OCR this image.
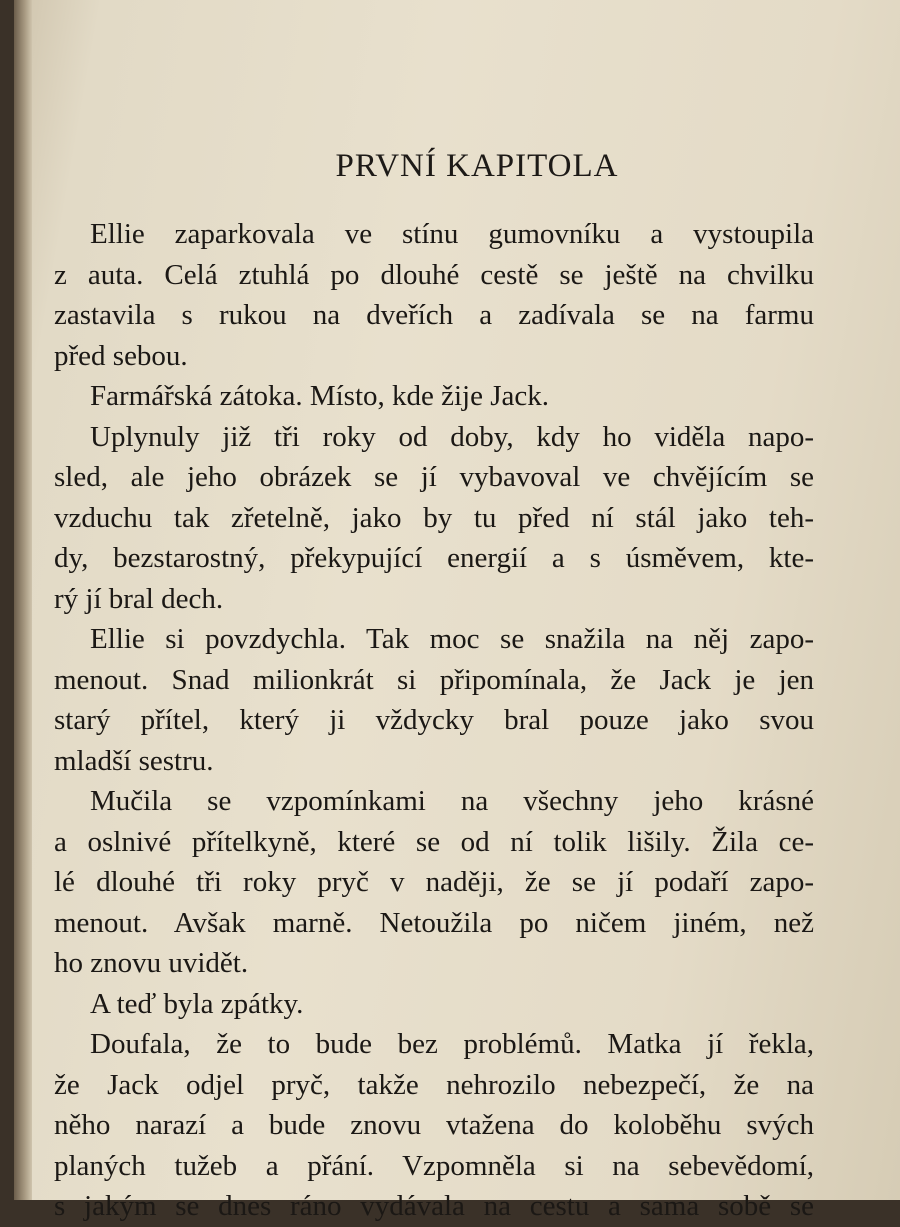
PRVNÍ KAPITOLA
Ellie zaparkovala ve stínu gumovníku a vystoupila
z auta. Celá ztuhlá po dlouhé cestě se ještě na chvilku
zastavila s rukou na dveřích a zadívala se na farmu
před sebou.
Farmářská zátoka. Místo, kde žije Jack.
Uplynuly již tři roky od doby, kdy ho viděla napo-
sled, ale jeho obrázek se jí vybavoval ve chvějícím se
vzduchu tak zřetelně, jako by tu před ní stál jako teh-
dy, bezstarostný, překypující energií a s úsměvem, kte-
rý jí bral dech.
Ellie si povzdychla. Tak moc se snažila na něj zapo-
menout. Snad milionkrát si připomínala, že Jack je jen
starý přítel, který ji vždycky bral pouze jako svou
mladší sestru.
Mučila se vzpomínkami na všechny jeho krásné
a oslnivé přítelkyně, které se od ní tolik lišily. Žila ce-
lé dlouhé tři roky pryč v naději, že se jí podaří zapo-
menout. Avšak marně. Netoužila po ničem jiném, než
ho znovu uvidět.
A teď byla zpátky.
Doufala, že to bude bez problémů. Matka jí řekla,
že Jack odjel pryč, takže nehrozilo nebezpečí, že na
něho narazí a bude znovu vtažena do koloběhu svých
planých tužeb a přání. Vzpomněla si na sebevědomí,
s jakým se dnes ráno vydávala na cestu a sama sobě se
